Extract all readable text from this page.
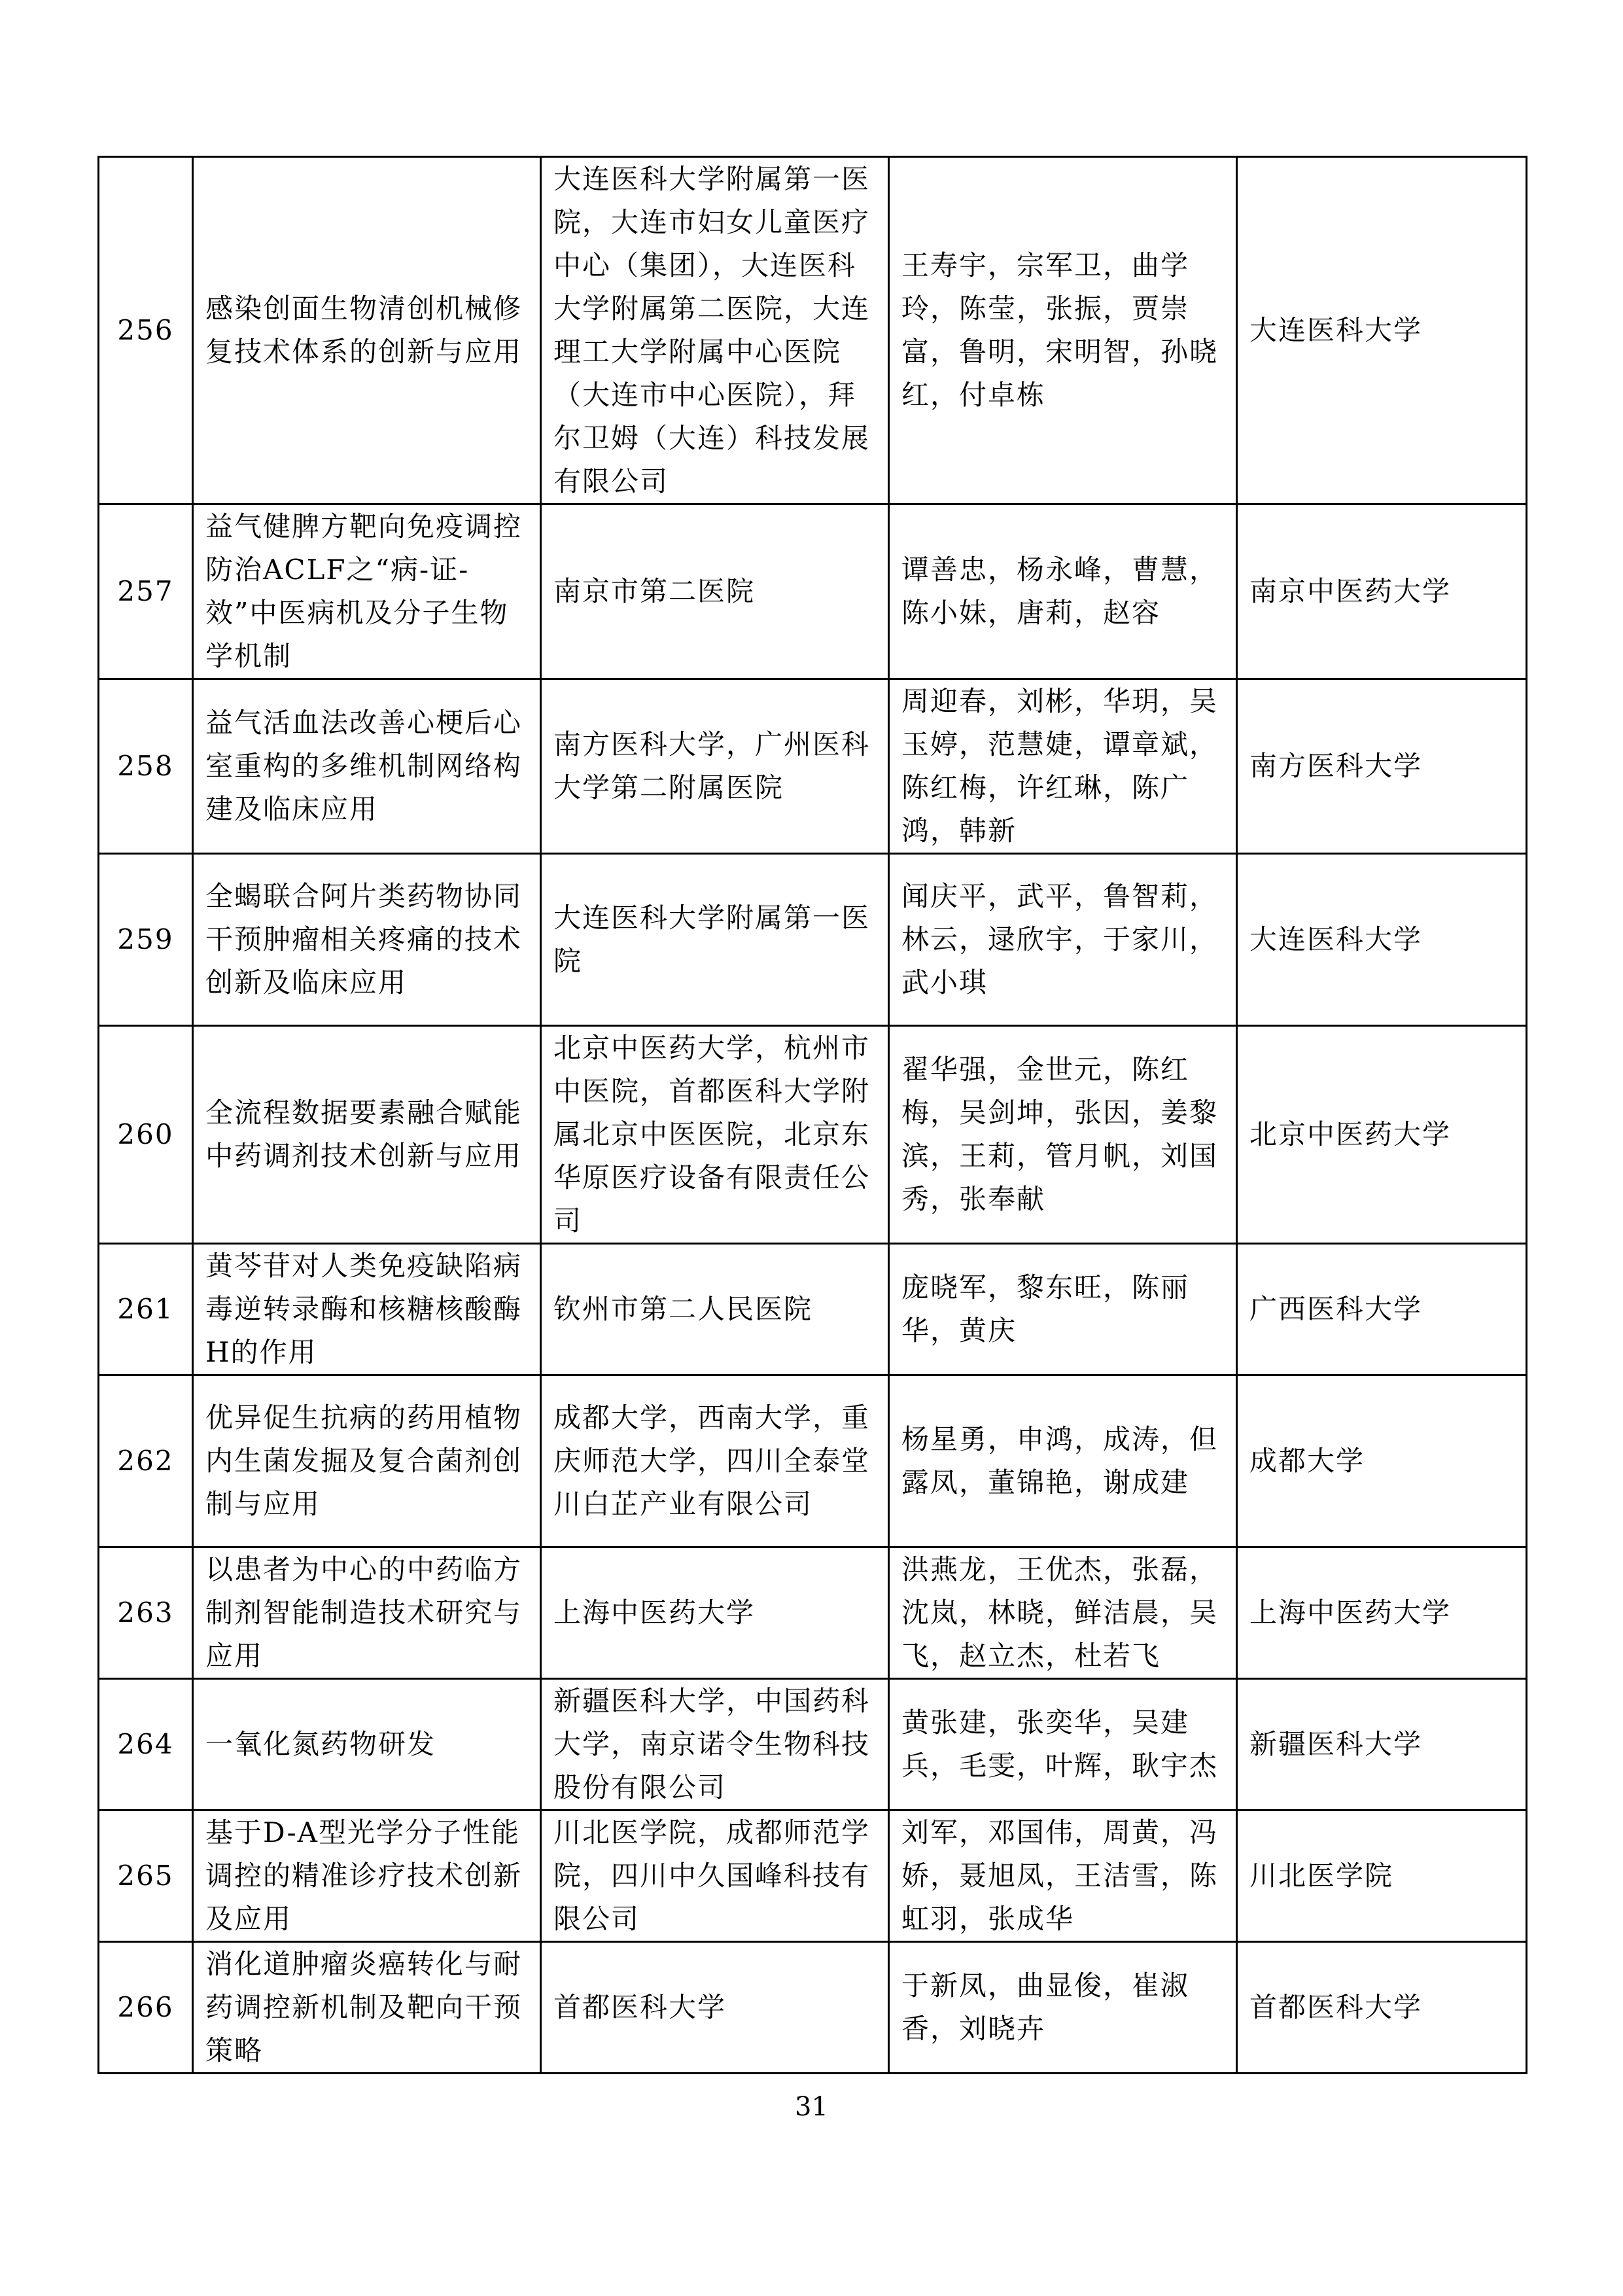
256	感染创面生物清创机械修复技术体系的创新与应用	大连医科大学附属第一医院，大连市妇女儿童医疗中心（集团），大连医科大学附属第二医院，大连理工大学附属中心医院（大连市中心医院），拜尔卫姆（大连）科技发展有限公司	王寿宇，宗军卫，曲学玲，陈莹，张振，贾崇富，鲁明，宋明智，孙晓红，付卓栋	大连医科大学
257	益气健脾方靶向免疫调控防治ACLF之“病-证-效”中医病机及分子生物学机制	南京市第二医院	谭善忠，杨永峰，曹慧，陈小妹，唐莉，赵容	南京中医药大学
258	益气活血法改善心梗后心室重构的多维机制网络构建及临床应用	南方医科大学，广州医科大学第二附属医院	周迎春，刘彬，华玥，吴玉婷，范慧婕，谭章斌，陈红梅，许红琳，陈广鸿，韩新	南方医科大学
259	全蝎联合阿片类药物协同干预肿瘤相关疼痛的技术创新及临床应用	大连医科大学附属第一医院	闻庆平，武平，鲁智莉，林云，逯欣宇，于家川，武小琪	大连医科大学
260	全流程数据要素融合赋能中药调剂技术创新与应用	北京中医药大学，杭州市中医院，首都医科大学附属北京中医医院，北京东华原医疗设备有限责任公司	翟华强，金世元，陈红梅，吴剑坤，张因，姜黎滨，王莉，管月帆，刘国秀，张奉献	北京中医药大学
261	黄芩苷对人类免疫缺陷病毒逆转录酶和核糖核酸酶H的作用	钦州市第二人民医院	庞晓军，黎东旺，陈丽华，黄庆	广西医科大学
262	优异促生抗病的药用植物内生菌发掘及复合菌剂创制与应用	成都大学，西南大学，重庆师范大学，四川全泰堂川白芷产业有限公司	杨星勇，申鸿，成涛，但露凤，董锦艳，谢成建	成都大学
263	以患者为中心的中药临方制剂智能制造技术研究与应用	上海中医药大学	洪燕龙，王优杰，张磊，沈岚，林晓，鲜洁晨，吴飞，赵立杰，杜若飞	上海中医药大学
264	一氧化氮药物研发	新疆医科大学，中国药科大学，南京诺令生物科技股份有限公司	黄张建，张奕华，吴建兵，毛雯，叶辉，耿宇杰	新疆医科大学
265	基于D-A型光学分子性能调控的精准诊疗技术创新及应用	川北医学院，成都师范学院，四川中久国峰科技有限公司	刘军，邓国伟，周黄，冯娇，聂旭凤，王洁雪，陈虹羽，张成华	川北医学院
266	消化道肿瘤炎癌转化与耐药调控新机制及靶向干预策略	首都医科大学	于新凤，曲显俊，崔淑香，刘晓卉	首都医科大学
31
